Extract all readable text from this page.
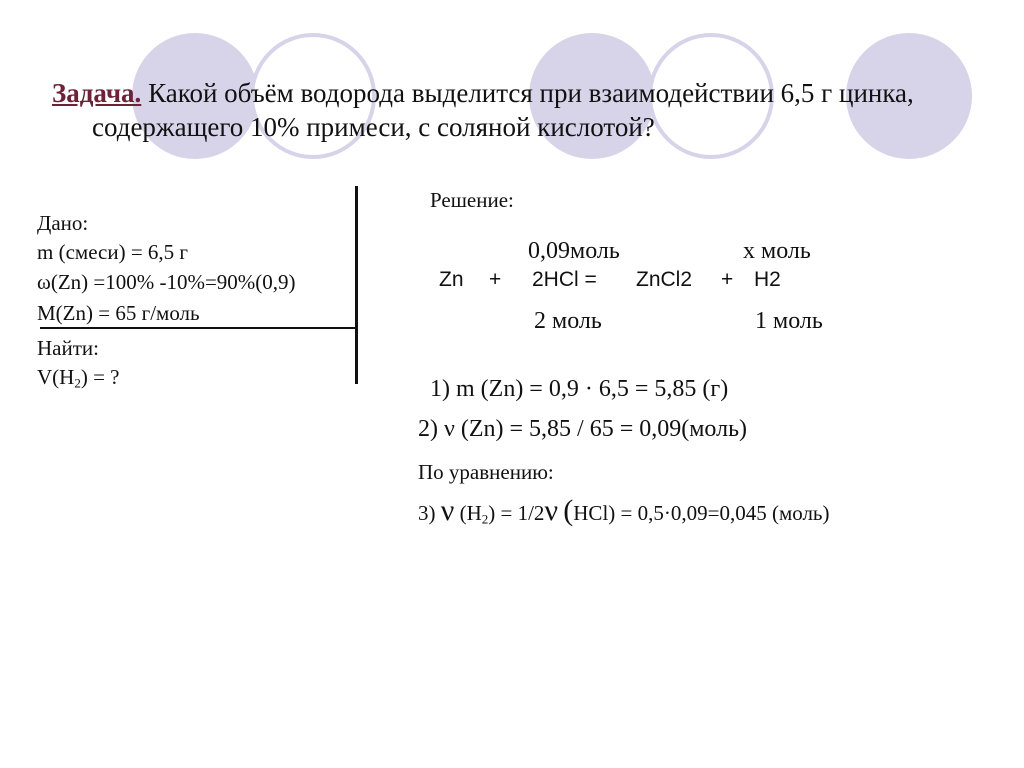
Задача. Какой объём водорода выделится при взаимодействии 6,5 г цинка,
содержащего 10% примеси, с соляной кислотой?
Дано:
m (смеси) = 6,5 г
ω(Zn) =100% -10%=90%(0,9)
M(Zn) = 65 г/моль
Найти:
$V(H_2)$ = ?
Решение:
0,09моль	x моль
Zn + 2HCl = ZnCl2 + H2
2 моль	1 моль
1) m (Zn) = 0,9 · 6,5 = 5,85 (г)
2) ν (Zn) = 5,85 / 65 = 0,09(моль)
По уравнению:
3) ν $(H_2) = 1/2\nu$ (HCl) = 0,5·0,09=0,045 (моль)
